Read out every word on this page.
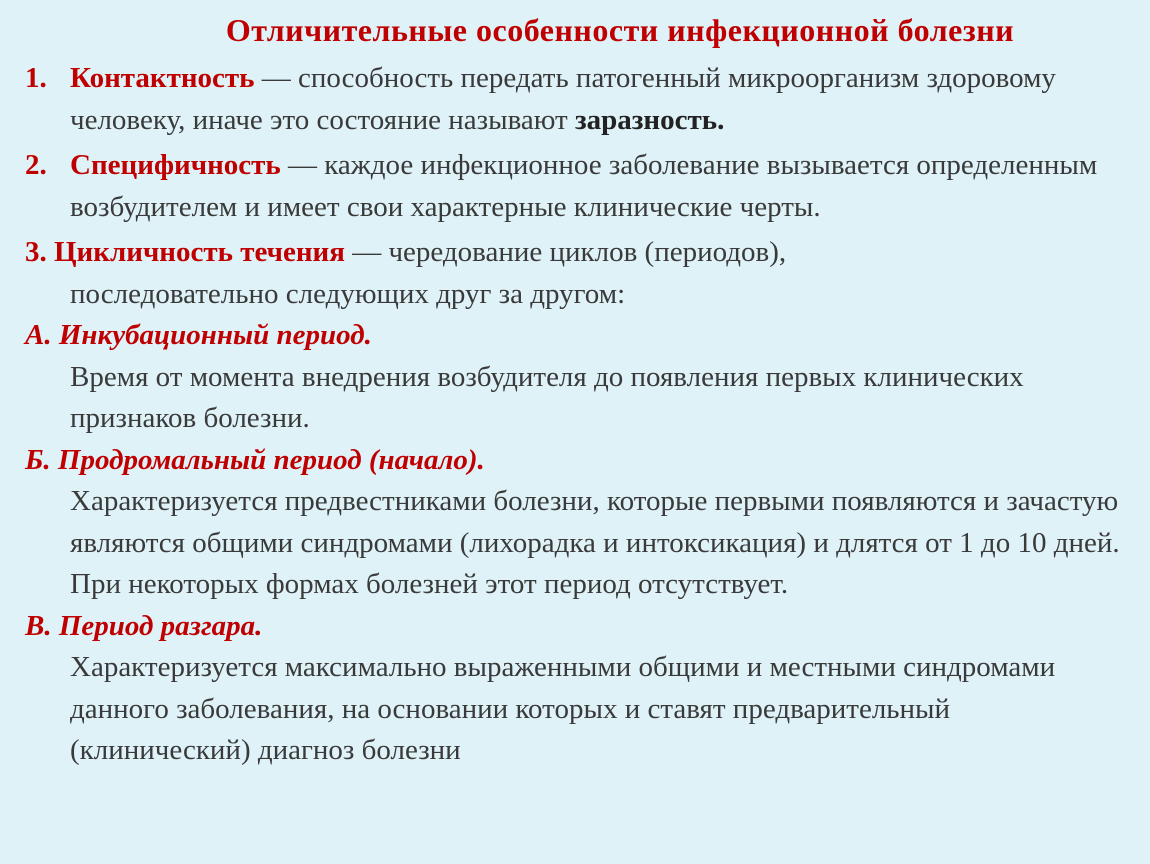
Отличительные особенности инфекционной болезни
1. Контактность — способность передать патогенный микроорганизм здоровому человеку, иначе это состояние называют заразность.
2. Специфичность — каждое инфекционное заболевание вызывается определенным возбудителем и имеет свои характерные клинические черты.
3. Цикличность течения — чередование циклов (периодов),
последовательно следующих друг за другом:
А. Инкубационный период.
Время от момента внедрения возбудителя до появления первых клинических признаков болезни.
Б. Продромальный период (начало).
Характеризуется предвестниками болезни, которые первыми появляются и зачастую являются общими синдромами (лихорадка и интоксикация) и длятся от 1 до 10 дней. При некоторых формах болезней этот период отсутствует.
В. Период разгара.
Характеризуется максимально выраженными общими и местными синдромами данного заболевания, на основании которых и ставят предварительный (клинический) диагноз болезни
